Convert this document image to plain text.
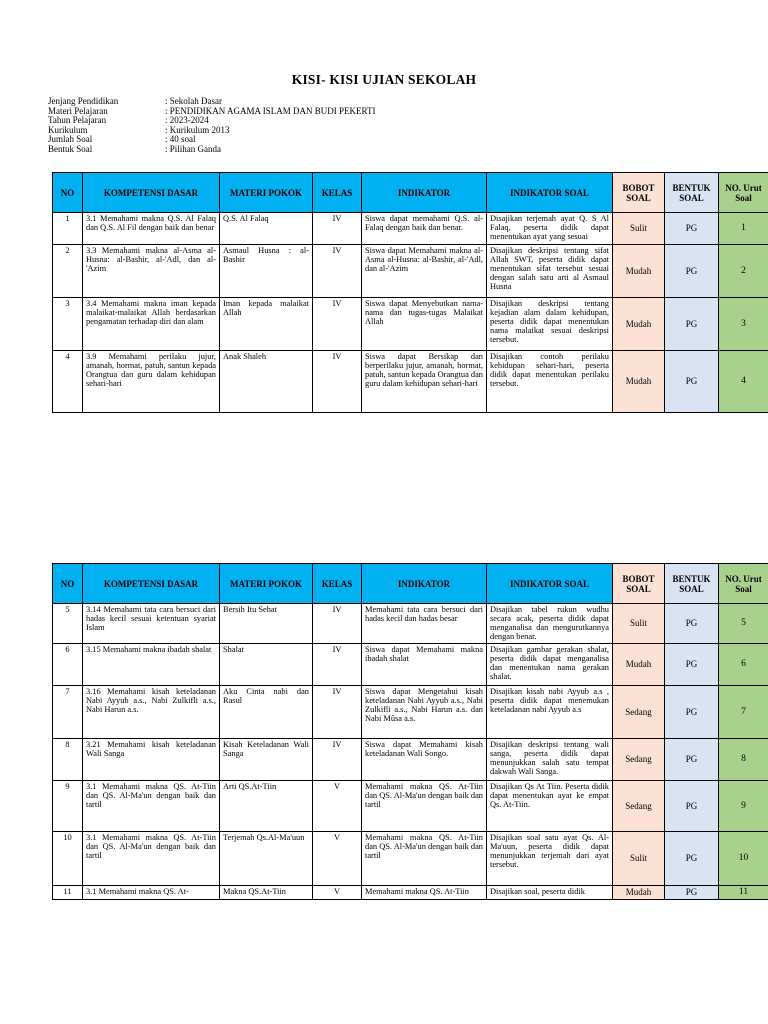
KISI- KISI UJIAN SEKOLAH
Jenjang Pendidikan	: Sekolah Dasar
Materi Pelajaran	: PENDIDIKAN AGAMA ISLAM DAN BUDI PEKERTI
Tahun Pelajaran	: 2023-2024
Kurikulum	: Kurikulum 2013
Jumlah Soal	: 40 soal
Bentuk Soal	: Pilihan Ganda
NO	KOMPETENSI DASAR	MATERI POKOK	KELAS	INDIKATOR	INDIKATOR SOAL	BOBOT SOAL	BENTUK SOAL	NO. Urut Soal
1	3.1 Memahami makna Q.S. Al Falaq dan Q.S. Al Fil dengan baik dan benar	Q.S. Al Falaq	IV	Siswa dapat memahami Q.S. al-Falaq dengan baik dan benar.	Disajikan terjemah ayat Q. S Al Falaq, peserta didik dapat menentukan ayat yang sesuai	Sulit	PG	1
2	3.3 Memahami makna al-Asma al-Husna: al-Bashir, al-'Adl, dan al-'Azim	Asmaul Husna : al-Bashir	IV	Siswa dapat Memahami makna al-Asma al-Husna: al-Bashir, al-'Adl, dan al-'Azim	Disajikan deskripsi tentang sifat Allah SWT, peserta didik dapat menentukan sifat tersebut sesuai dengan salah satu arti al Asmaul Husna	Mudah	PG	2
3	3.4 Memahami makna iman kepada malaikat-malaikat Allah berdasarkan pengamatan terhadap diri dan alam	Iman kepada malaikat Allah	IV	Siswa dapat Menyebutkan nama-nama dan tugas-tugas Malaikat Allah	Disajikan deskripsi tentang kejadian alam dalam kehidupan, peserta didik dapat menentukan nama malaikat sesuai deskripsi tersebut.	Mudah	PG	3
4	3.9 Memahami perilaku jujur, amanah, hormat, patuh, santun kepada Orangtua dan guru dalam kehidupan sehari-hari	Anak Shaleh	IV	Siswa dapat Bersikap dan berperilaku jujur, amanah, hormat, patuh, santun kepada Orangtua dan guru dalam kehidupan sehari-hari	Disajikan contoh perilaku kehidupan sehari-hari, peserta didik dapat menentukan perilaku tersebut.	Mudah	PG	4
NO	KOMPETENSI DASAR	MATERI POKOK	KELAS	INDIKATOR	INDIKATOR SOAL	BOBOT SOAL	BENTUK SOAL	NO. Urut Soal
5	3.14 Memahami tata cara bersuci dari hadas kecil sesuai ketentuan syariat Islam	Bersih Itu Sehat	IV	Memahami tata cara bersuci dari hadas kecil dan hadas besar	Disajikan tabel rukun wudhu secara acak, peserta didik dapat menganalisa dan mengurutkannya dengan benar.	Sulit	PG	5
6	3.15 Memahami makna ibadah shalat	Shalat	IV	Siswa dapat Memahami makna ibadah shalat	Disajikan gambar gerakan shalat, peserta didik dapat menganalisa dan menentukan nama gerakan shalat.	Mudah	PG	6
7	3.16 Memahami kisah keteladanan Nabi Ayyub a.s., Nabi Zulkifli a.s., Nabi Harun a.s.	Aku Cinta nabi dan Rasul	IV	Siswa dapat Mengetahui kisah keteladanan Nabi Ayyub a.s., Nabi Zulkifli a.s., Nabi Harun a.s. dan Nabi Mūsa a.s.	Disajikan kisah nabi Ayyub a.s , peserta didik dapat menemukan keteladanan nabi Ayyub a.s	Sedang	PG	7
8	3.21 Memahami kisah keteladanan Wali Sanga	Kisah Keteladanan Wali Sanga	IV	Siswa dapat Memahami kisah keteladanan Wali Songo.	Disajikan deskripsi tentang wali sanga, peserta didik dapat menunjukkan salah satu tempat dakwah Wali Sanga.	Sedang	PG	8
9	3.1 Memahami makna QS. At-Tiin dan QS. Al-Ma'un dengan baik dan tartil	Arti QS.At-Tiin	V	Memahami makna QS. At-Tiin dan QS. Al-Ma'un dengan baik dan tartil	Disajikan Qs At Tiin. Peserta didik dapat menentukan ayat ke empat Qs. At-Tiin.	Sedang	PG	9
10	3.1 Memahami makna QS. At-Tiin dan QS. Al-Ma'un dengan baik dan tartil	Terjemah Qs.Al-Ma'uun	V	Memahami makna QS. At-Tiin dan QS. Al-Ma'un dengan baik dan tartil	Disajikan soal satu ayat Qs. Al-Ma'uun, peserta didik dapat menunjukkan terjemah dari ayat tersebut.	Sulit	PG	10
11	3.1 Memahami makna QS. At-	Makna QS.At-Tiin	V	Memahami makna QS. At-Tiin	Disajikan soal, peserta didik	Mudah	PG	11
